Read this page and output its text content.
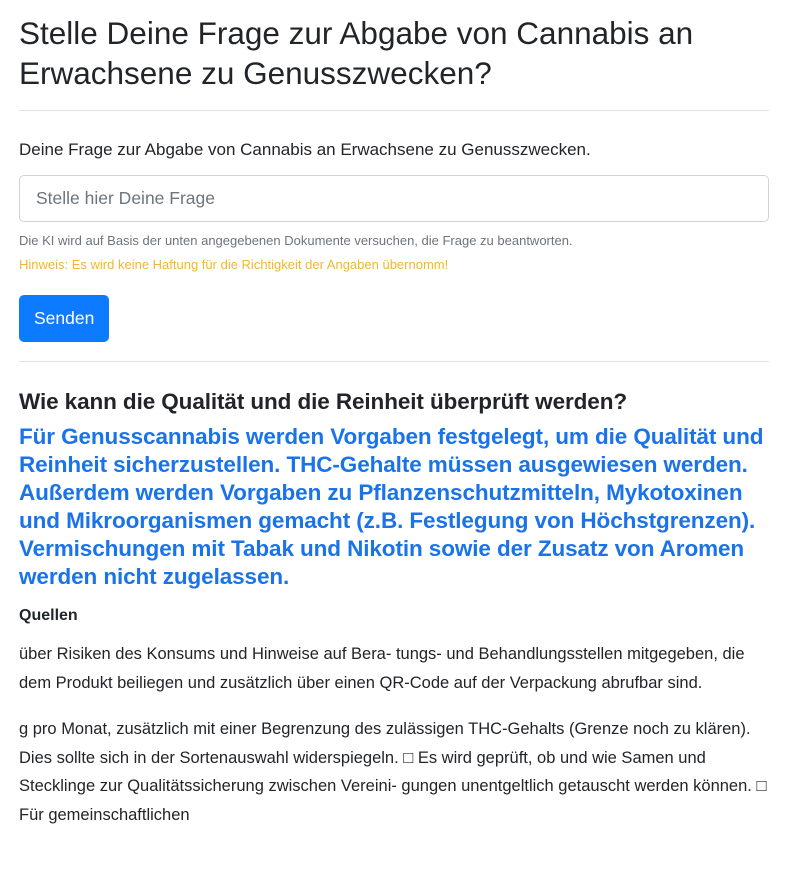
Stelle Deine Frage zur Abgabe von Cannabis an Erwachsene zu Genusszwecken?
Deine Frage zur Abgabe von Cannabis an Erwachsene zu Genusszwecken.
Stelle hier Deine Frage
Die KI wird auf Basis der unten angegebenen Dokumente versuchen, die Frage zu beantworten.
Hinweis: Es wird keine Haftung für die Richtigkeit der Angaben übernomm!
Senden
Wie kann die Qualität und die Reinheit überprüft werden?

Für Genusscannabis werden Vorgaben festgelegt, um die Qualität und Reinheit sicherzustellen. THC-Gehalte müssen ausgewiesen werden. Außerdem werden Vorgaben zu Pflanzenschutzmitteln, Mykotoxinen und Mikroorganismen gemacht (z.B. Festlegung von Höchstgrenzen). Vermischungen mit Tabak und Nikotin sowie der Zusatz von Aromen werden nicht zugelassen.

Quellen

über Risiken des Konsums und Hinweise auf Bera- tungs- und Behandlungsstellen mitgegeben, die dem Produkt beiliegen und zusätzlich über einen QR-Code auf der Verpackung abrufbar sind.

g pro Monat, zusätzlich mit einer Begrenzung des zulässigen THC-Gehalts (Grenze noch zu klären). Dies sollte sich in der Sortenauswahl widerspiegeln. □ Es wird geprüft, ob und wie Samen und Stecklinge zur Qualitätssicherung zwischen Vereini- gungen unentgeltlich getauscht werden können. □ Für gemeinschaftlichen
